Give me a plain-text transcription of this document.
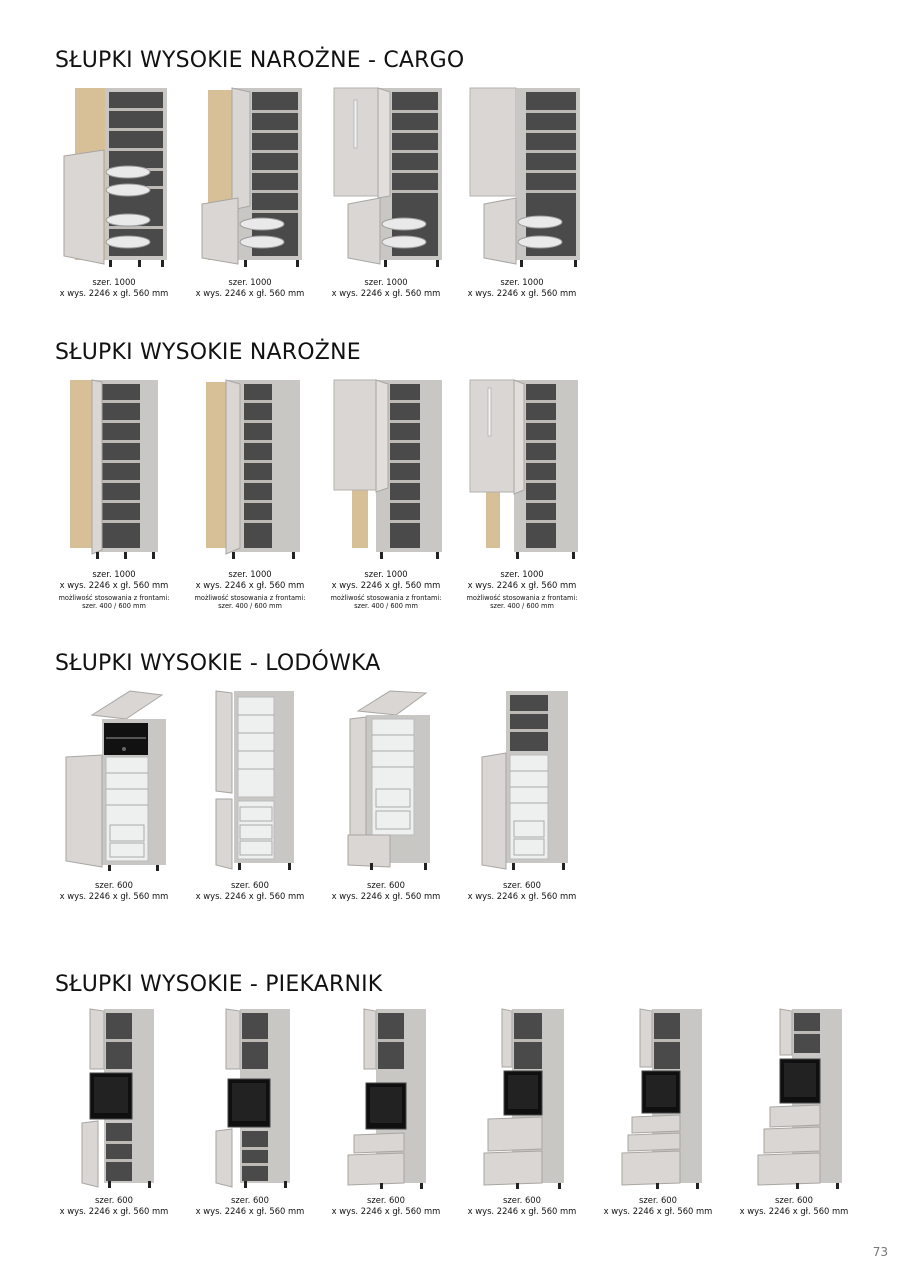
SŁUPKI WYSOKIE NAROŻNE - CARGO
szer. 1000
x wys. 2246 x gł. 560 mm
szer. 1000
x wys. 2246 x gł. 560 mm
szer. 1000
x wys. 2246 x gł. 560 mm
szer. 1000
x wys. 2246 x gł. 560 mm
SŁUPKI WYSOKIE NAROŻNE
szer. 1000
x wys. 2246 x gł. 560 mm
możliwość stosowania z frontami:
szer. 400 / 600 mm
szer. 1000
x wys. 2246 x gł. 560 mm
możliwość stosowania z frontami:
szer. 400 / 600 mm
szer. 1000
x wys. 2246 x gł. 560 mm
możliwość stosowania z frontami:
szer. 400 / 600 mm
szer. 1000
x wys. 2246 x gł. 560 mm
możliwość stosowania z frontami:
szer. 400 / 600 mm
SŁUPKI WYSOKIE - LODÓWKA
szer. 600
x wys. 2246 x gł. 560 mm
szer. 600
x wys. 2246 x gł. 560 mm
szer. 600
x wys. 2246 x gł. 560 mm
szer. 600
x wys. 2246 x gł. 560 mm
SŁUPKI WYSOKIE - PIEKARNIK
szer. 600
x wys. 2246 x gł. 560 mm
szer. 600
x wys. 2246 x gł. 560 mm
szer. 600
x wys. 2246 x gł. 560 mm
szer. 600
x wys. 2246 x gł. 560 mm
szer. 600
x wys. 2246 x gł. 560 mm
szer. 600
x wys. 2246 x gł. 560 mm
73
